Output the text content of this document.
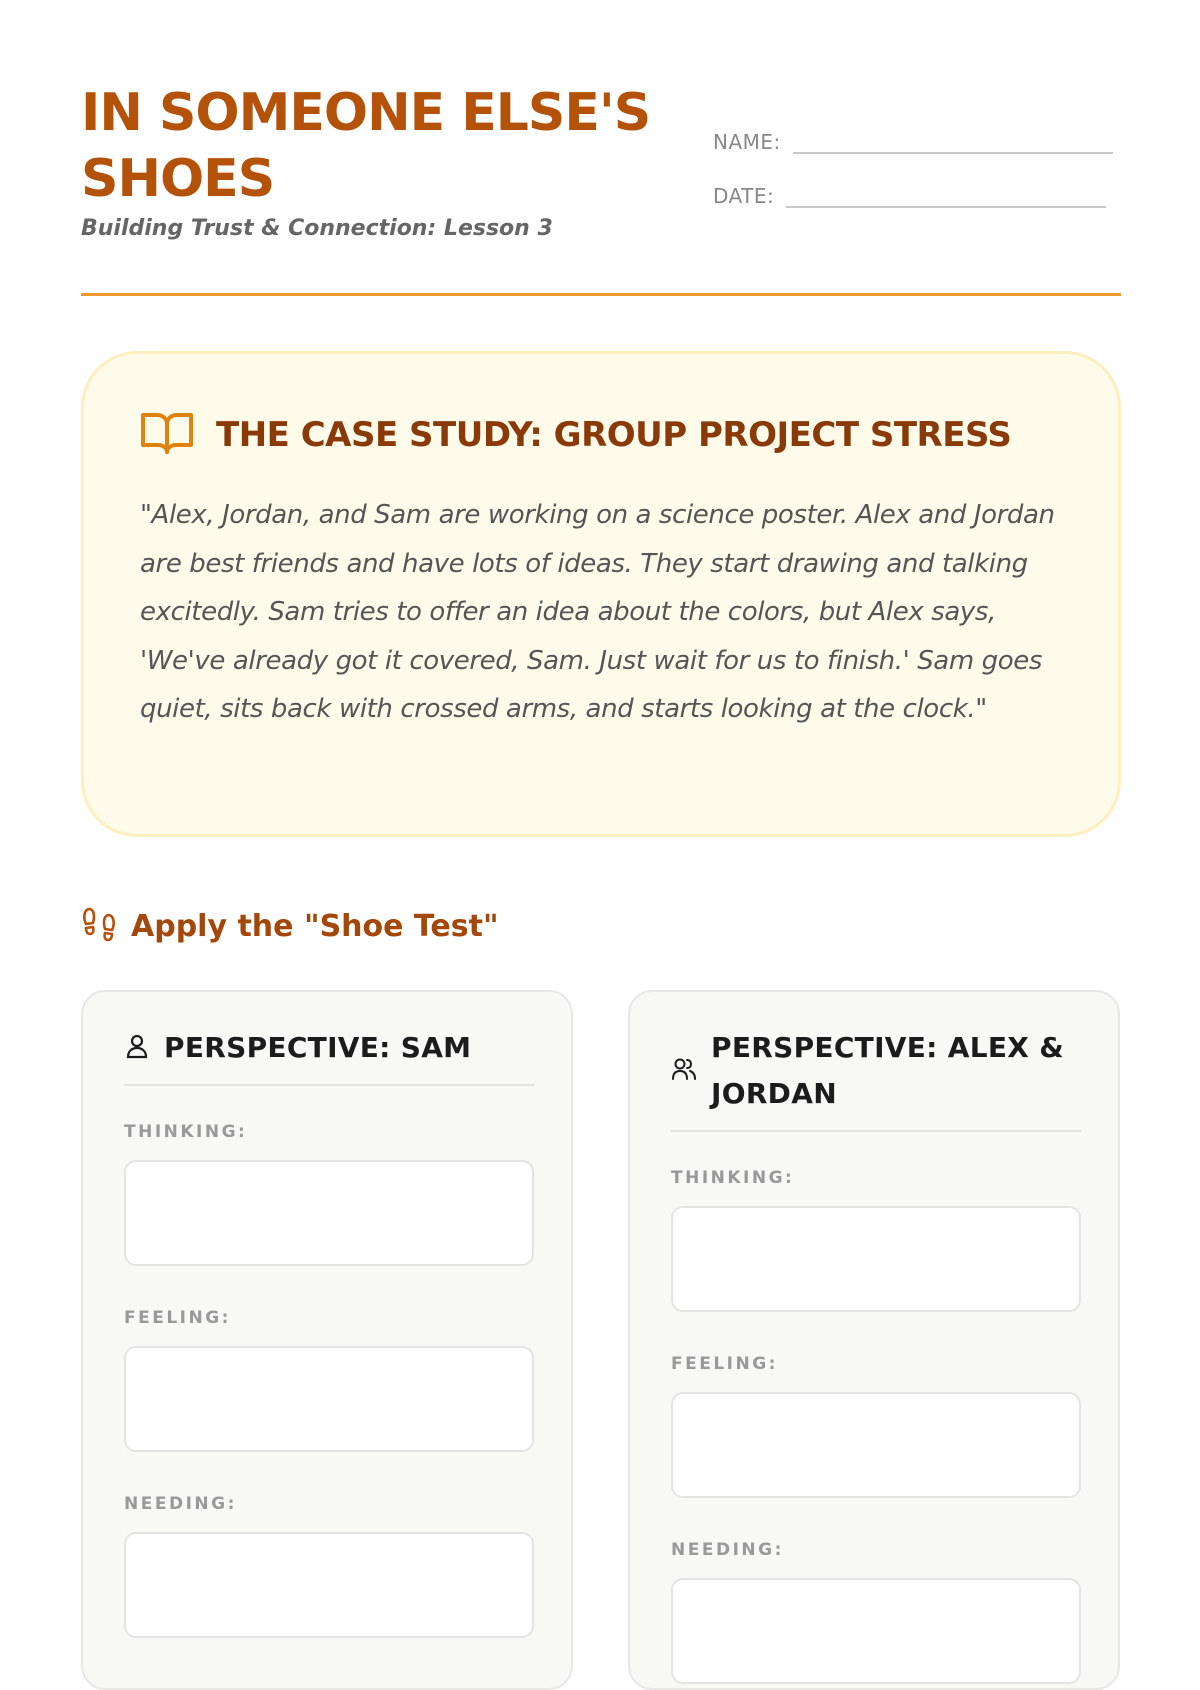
IN SOMEONE ELSE'S SHOES

Building Trust & Connection: Lesson 3

NAME:
DATE:
THE CASE STUDY: GROUP PROJECT STRESS

"Alex, Jordan, and Sam are working on a science poster. Alex and Jordan are best friends and have lots of ideas. They start drawing and talking excitedly. Sam tries to offer an idea about the colors, but Alex says, 'We've already got it covered, Sam. Just wait for us to finish.' Sam goes quiet, sits back with crossed arms, and starts looking at the clock."

Apply the "Shoe Test"
PERSPECTIVE: SAM

THINKING:

FEELING:

NEEDING:

PERSPECTIVE: ALEX & JORDAN

THINKING:

FEELING:

NEEDING:
